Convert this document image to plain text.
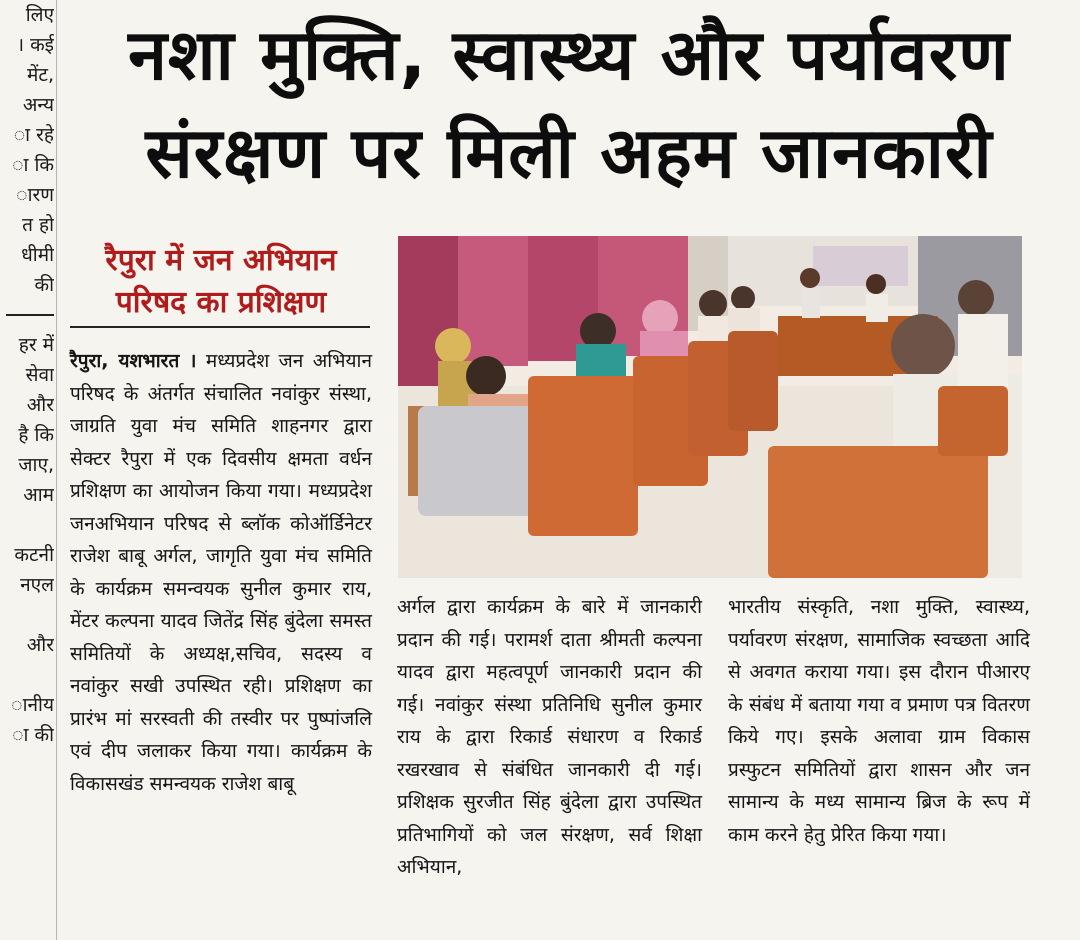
लिए
। कई
मेंट,
अन्य
ा रहे
ा कि
ारण
त हो
धीमी
की
हर में
सेवा
और
है कि
जाए,
आम

कटनी
नएल

और

ानीय
ा की
नशा मुक्ति, स्वास्थ्य और पर्यावरण
संरक्षण पर मिली अहम जानकारी
रैपुरा में जन अभियान
परिषद का प्रशिक्षण

रैपुरा, यशभारत । मध्यप्रदेश जन अभियान परिषद के अंतर्गत संचालित नवांकुर संस्था, जाग्रति युवा मंच समिति शाहनगर द्वारा सेक्टर रैपुरा में एक दिवसीय क्षमता वर्धन प्रशिक्षण का आयोजन किया गया। मध्यप्रदेश जनअभियान परिषद से ब्लॉक कोऑर्डिनेटर राजेश बाबू अर्गल, जागृति युवा मंच समिति के कार्यक्रम समन्वयक सुनील कुमार राय, मेंटर कल्पना यादव जितेंद्र सिंह बुंदेला समस्त समितियों के अध्यक्ष,सचिव, सदस्य व नवांकुर सखी उपस्थित रही। प्रशिक्षण का प्रारंभ मां सरस्वती की तस्वीर पर पुष्पांजलि एवं दीप जलाकर किया गया। कार्यक्रम के विकासखंड समन्वयक राजेश बाबू

अर्गल द्वारा कार्यक्रम के बारे में जानकारी प्रदान की गई। परामर्श दाता श्रीमती कल्पना यादव द्वारा महत्वपूर्ण जानकारी प्रदान की गई। नवांकुर संस्था प्रतिनिधि सुनील कुमार राय के द्वारा रिकार्ड संधारण व रिकार्ड रखरखाव से संबंधित जानकारी दी गई। प्रशिक्षक सुरजीत सिंह बुंदेला द्वारा उपस्थित प्रतिभागियों को जल संरक्षण, सर्व शिक्षा अभियान,

भारतीय संस्कृति, नशा मुक्ति, स्वास्थ्य, पर्यावरण संरक्षण, सामाजिक स्वच्छता आदि से अवगत कराया गया। इस दौरान पीआरए के संबंध में बताया गया व प्रमाण पत्र वितरण किये गए। इसके अलावा ग्राम विकास प्रस्फुटन समितियों द्वारा शासन और जन सामान्य के मध्य सामान्य ब्रिज के रूप में काम करने हेतु प्रेरित किया गया।
